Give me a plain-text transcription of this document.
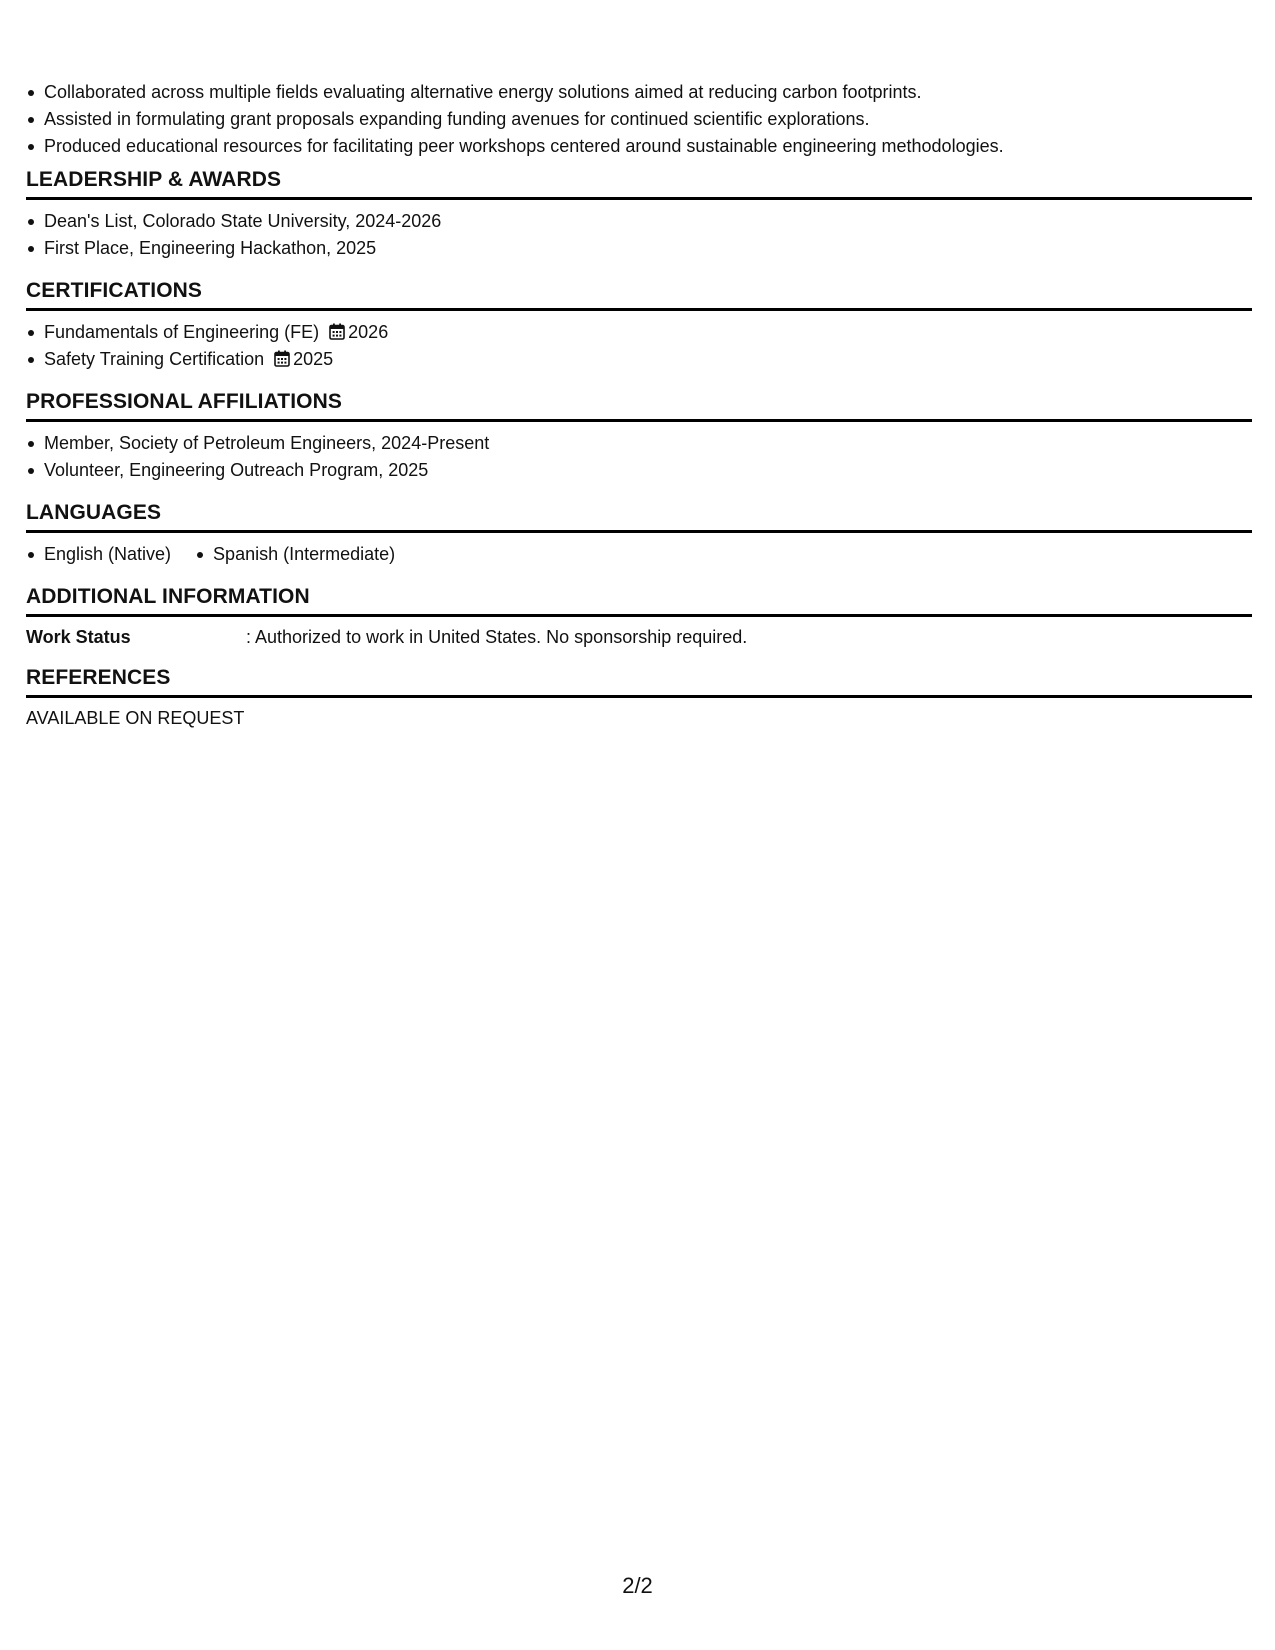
Collaborated across multiple fields evaluating alternative energy solutions aimed at reducing carbon footprints.
Assisted in formulating grant proposals expanding funding avenues for continued scientific explorations.
Produced educational resources for facilitating peer workshops centered around sustainable engineering methodologies.
LEADERSHIP & AWARDS
Dean's List, Colorado State University, 2024-2026
First Place, Engineering Hackathon, 2025
CERTIFICATIONS
Fundamentals of Engineering (FE) 2026
Safety Training Certification 2025
PROFESSIONAL AFFILIATIONS
Member, Society of Petroleum Engineers, 2024-Present
Volunteer, Engineering Outreach Program, 2025
LANGUAGES
English (Native)	Spanish (Intermediate)
ADDITIONAL INFORMATION
Work Status	: Authorized to work in United States. No sponsorship required.
REFERENCES
AVAILABLE ON REQUEST
2/2
